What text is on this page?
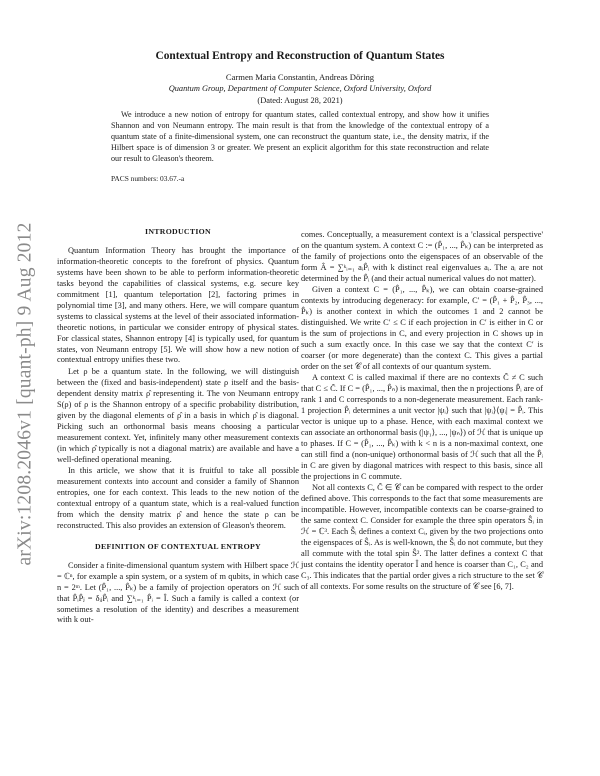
arXiv:1208.2046v1 [quant-ph] 9 Aug 2012
Contextual Entropy and Reconstruction of Quantum States
Carmen Maria Constantin, Andreas Döring
Quantum Group, Department of Computer Science, Oxford University, Oxford
(Dated: August 28, 2021)

We introduce a new notion of entropy for quantum states, called contextual entropy, and show how it unifies Shannon and von Neumann entropy. The main result is that from the knowledge of the contextual entropy of a quantum state of a finite-dimensional system, one can reconstruct the quantum state, i.e., the density matrix, if the Hilbert space is of dimension 3 or greater. We present an explicit algorithm for this state reconstruction and relate our result to Gleason's theorem.

PACS numbers: 03.67.-a
INTRODUCTION

Quantum Information Theory has brought the importance of information-theoretic concepts to the forefront of physics. Quantum systems have been shown to be able to perform information-theoretic tasks beyond the capabilities of classical systems, e.g. secure key commitment [1], quantum teleportation [2], factoring primes in polynomial time [3], and many others. Here, we will compare quantum systems to classical systems at the level of their associated information-theoretic notions, in particular we consider entropy of physical states. For classical states, Shannon entropy [4] is typically used, for quantum states, von Neumann entropy [5]. We will show how a new notion of contextual entropy unifies these two.

Let ρ be a quantum state. In the following, we will distinguish between the (fixed and basis-independent) state ρ itself and the basis-dependent density matrix ρ̂ representing it. The von Neumann entropy S(ρ) of ρ is the Shannon entropy of a specific probability distribution, given by the diagonal elements of ρ̂ in a basis in which ρ̂ is diagonal. Picking such an orthonormal basis means choosing a particular measurement context. Yet, infinitely many other measurement contexts (in which ρ̂ typically is not a diagonal matrix) are available and have a well-defined operational meaning.

In this article, we show that it is fruitful to take all possible measurement contexts into account and consider a family of Shannon entropies, one for each context. This leads to the new notion of the contextual entropy of a quantum state, which is a real-valued function from which the density matrix ρ̂ and hence the state ρ can be reconstructed. This also provides an extension of Gleason's theorem.

DEFINITION OF CONTEXTUAL ENTROPY

Consider a finite-dimensional quantum system with Hilbert space ℋ = ℂⁿ, for example a spin system, or a system of m qubits, in which case n = 2ᵐ. Let (P̂₁, ..., P̂ₖ) be a family of projection operators on ℋ such that P̂ᵢP̂ⱼ = δᵢⱼP̂ᵢ and ∑ᵏᵢ₌₁ P̂ᵢ = Î. Such a family is called a context (or sometimes a resolution of the identity) and describes a measurement with k out-

comes. Conceptually, a measurement context is a 'classical perspective' on the quantum system. A context C := (P̂₁, ..., P̂ₖ) can be interpreted as the family of projections onto the eigenspaces of an observable of the form Â = ∑ᵏᵢ₌₁ aᵢP̂ᵢ with k distinct real eigenvalues aᵢ. The aᵢ are not determined by the P̂ᵢ (and their actual numerical values do not matter).

Given a context C = (P̂₁, ..., P̂ₖ), we can obtain coarse-grained contexts by introducing degeneracy: for example, C′ = (P̂₁ + P̂₂, P̂₃, ..., P̂ₖ) is another context in which the outcomes 1 and 2 cannot be distinguished. We write C′ ≤ C if each projection in C′ is either in C or is the sum of projections in C, and every projection in C shows up in such a sum exactly once. In this case we say that the context C′ is coarser (or more degenerate) than the context C. This gives a partial order on the set 𝒞 of all contexts of our quantum system.

A context C is called maximal if there are no contexts C̃ ≠ C such that C ≤ C̃. If C = (P̂₁, ..., P̂ₙ) is maximal, then the n projections P̂ᵢ are of rank 1 and C corresponds to a non-degenerate measurement. Each rank-1 projection P̂ᵢ determines a unit vector |ψᵢ⟩ such that |ψᵢ⟩⟨ψᵢ| = P̂ᵢ. This vector is unique up to a phase. Hence, with each maximal context we can associate an orthonormal basis (|ψ₁⟩, ..., |ψₙ⟩) of ℋ that is unique up to phases. If C = (P̂₁, ..., P̂ₖ) with k < n is a non-maximal context, one can still find a (non-unique) orthonormal basis of ℋ such that all the P̂ᵢ in C are given by diagonal matrices with respect to this basis, since all the projections in C commute.

Not all contexts C, C̃ ∈ 𝒞 can be compared with respect to the order defined above. This corresponds to the fact that some measurements are incompatible. However, incompatible contexts can be coarse-grained to the same context C. Consider for example the three spin operators Ŝᵢ in ℋ = ℂ³. Each Ŝᵢ defines a context Cᵢ, given by the two projections onto the eigenspaces of Ŝᵢ. As is well-known, the Ŝᵢ do not commute, but they all commute with the total spin Ŝ². The latter defines a context C that just contains the identity operator Î and hence is coarser than C₁, C₂ and C₃. This indicates that the partial order gives a rich structure to the set 𝒞 of all contexts. For some results on the structure of 𝒞 see [6, 7].
